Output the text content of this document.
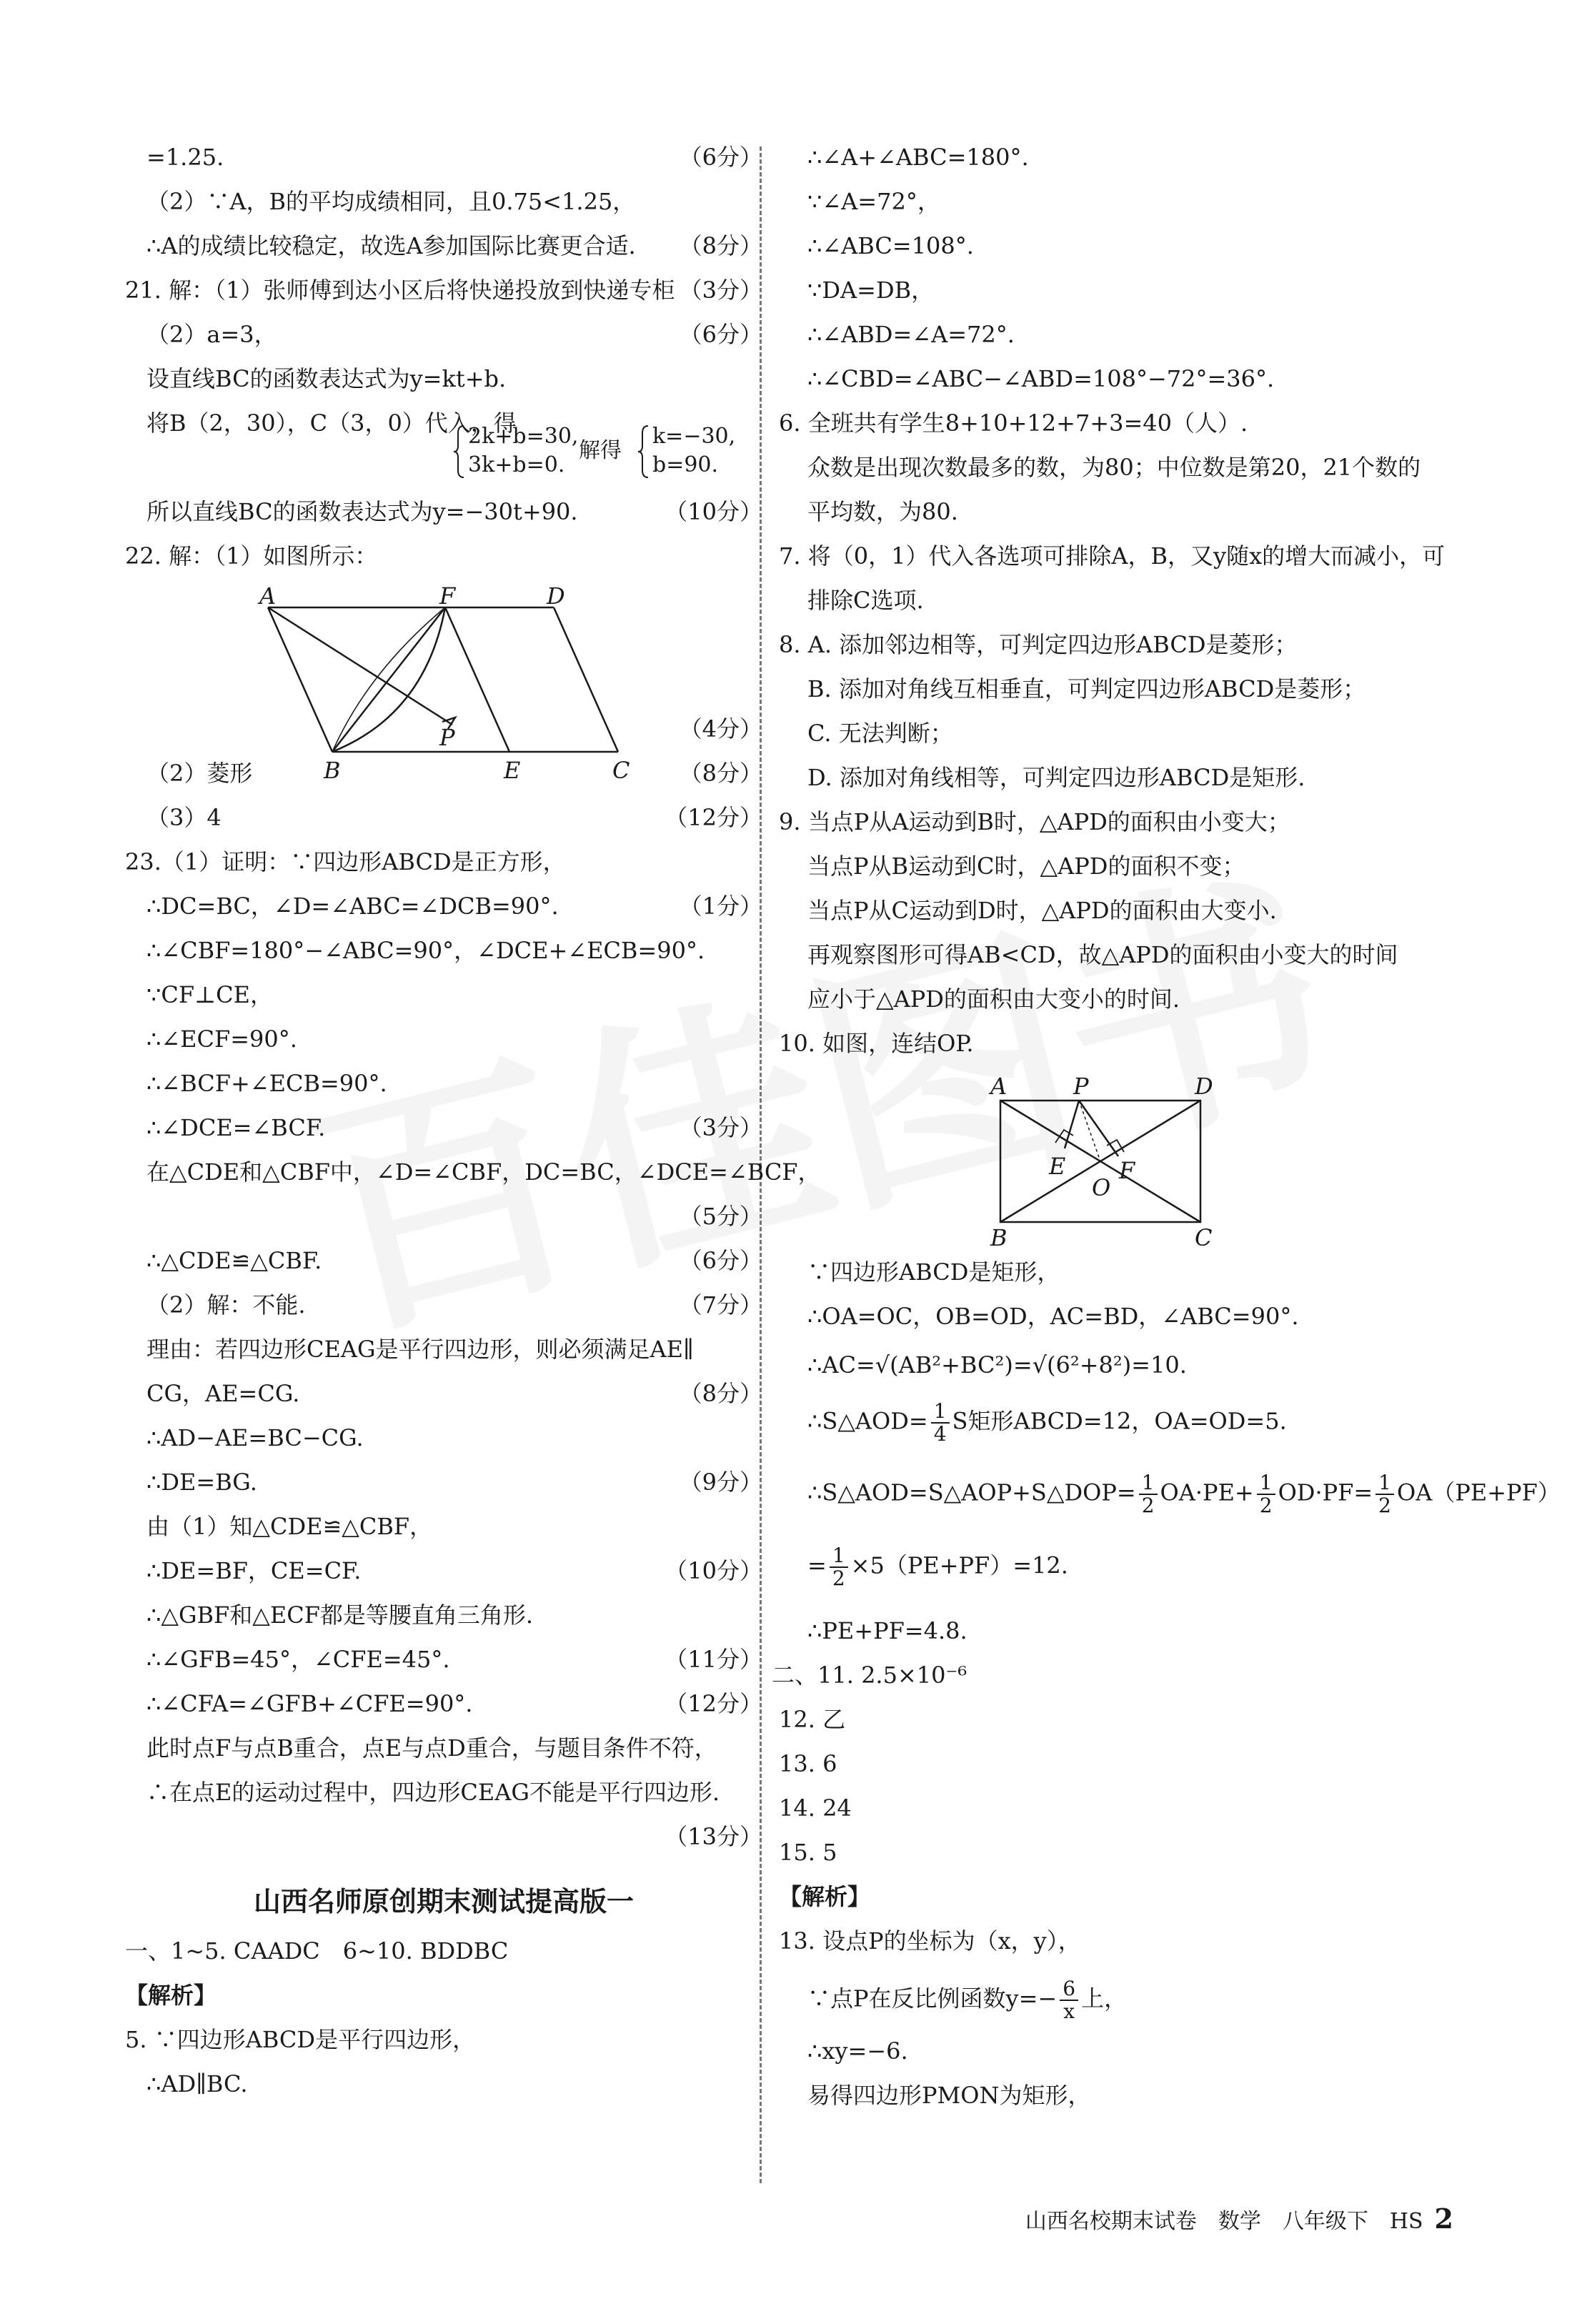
=1.25.	（6分）
（2）∵A，B的平均成绩相同，且0.75<1.25，
∴A的成绩比较稳定，故选A参加国际比赛更合适． （8分）
21. 解：（1）张师傅到达小区后将快递投放到快递专柜 （3分）
（2）a=3，	（6分）
设直线BC的函数表达式为y=kt+b.
将B（2，30），C（3，0）代入，得
所以直线BC的函数表达式为y=−30t+90.	（10分）
22. 解：（1）如图所示：
（4分）
（2）菱形	（8分）
（3）4	（12分）
23.（1）证明：∵四边形ABCD是正方形，
∴DC=BC，∠D=∠ABC=∠DCB=90°.	（1分）
∴∠CBF=180°−∠ABC=90°，∠DCE+∠ECB=90°.
∵CF⊥CE，
∴∠ECF=90°.
∴∠BCF+∠ECB=90°.
∴∠DCE=∠BCF.	（3分）
在△CDE和△CBF中，∠D=∠CBF，DC=BC，∠DCE=∠BCF，
（5分）
∴△CDE≌△CBF.	（6分）
（2）解：不能.	（7分）
理由：若四边形CEAG是平行四边形，则必须满足AE∥
CG，AE=CG.	（8分）
∴AD−AE=BC−CG.
∴DE=BG.	（9分）
由（1）知△CDE≌△CBF，
∴DE=BF，CE=CF.	（10分）
∴△GBF和△ECF都是等腰直角三角形.
∴∠GFB=45°，∠CFE=45°.	（11分）
∴∠CFA=∠GFB+∠CFE=90°.	（12分）
此时点F与点B重合，点E与点D重合，与题目条件不符，
∴在点E的运动过程中，四边形CEAG不能是平行四边形.
（13分）
2k+b=30,
3k+b=0.
解得
k=−30,
b=90.
A	F	D
P
B	E	C
山西名师原创期末测试提高版一
一、1~5. CAADC　6~10. BDDBC
【解析】
5. ∵四边形ABCD是平行四边形，
∴AD∥BC.
∴∠A+∠ABC=180°.
∵∠A=72°，
∴∠ABC=108°.
∵DA=DB，
∴∠ABD=∠A=72°.
∴∠CBD=∠ABC−∠ABD=108°−72°=36°.
6. 全班共有学生8+10+12+7+3=40（人）.
众数是出现次数最多的数，为80；中位数是第20，21个数的
平均数，为80.
7. 将（0，1）代入各选项可排除A，B，又y随x的增大而减小，可
排除C选项.
8. A. 添加邻边相等，可判定四边形ABCD是菱形；
B. 添加对角线互相垂直，可判定四边形ABCD是菱形；
C. 无法判断；
D. 添加对角线相等，可判定四边形ABCD是矩形.
9. 当点P从A运动到B时，△APD的面积由小变大；
当点P从B运动到C时，△APD的面积不变；
当点P从C运动到D时，△APD的面积由大变小.
再观察图形可得AB<CD，故△APD的面积由小变大的时间
应小于△APD的面积由大变小的时间.
10. 如图，连结OP.
A	P	D
E F
O
B	C
∵四边形ABCD是矩形，
∴OA=OC，OB=OD，AC=BD，∠ABC=90°.
∴AC=√(AB²+BC²)=√(6²+8²)=10.
∴S△AOD= $\frac{1}{4}$ S矩形ABCD=12，OA=OD=5.
∴S△AOD=S△AOP+S△DOP= $\frac{1}{2} OA\cdot PE+ \frac{1}{2} OD\cdot PF= \frac{1}{2} OA(PE+PF)$
= $\frac{1}{2} \times 5(PE+PF)=12$.
∴PE+PF=4.8.
二、11. 2.5×10⁻⁶
12. 乙
13. 6
14. 24
15. 5
【解析】
13. 设点P的坐标为（x，y），
∵点P在反比例函数$y=- \frac{6}{x}$ 上，
∴xy=−6.
易得四边形PMON为矩形，
山西名校期末试卷　数学　八年级下　HS 2
